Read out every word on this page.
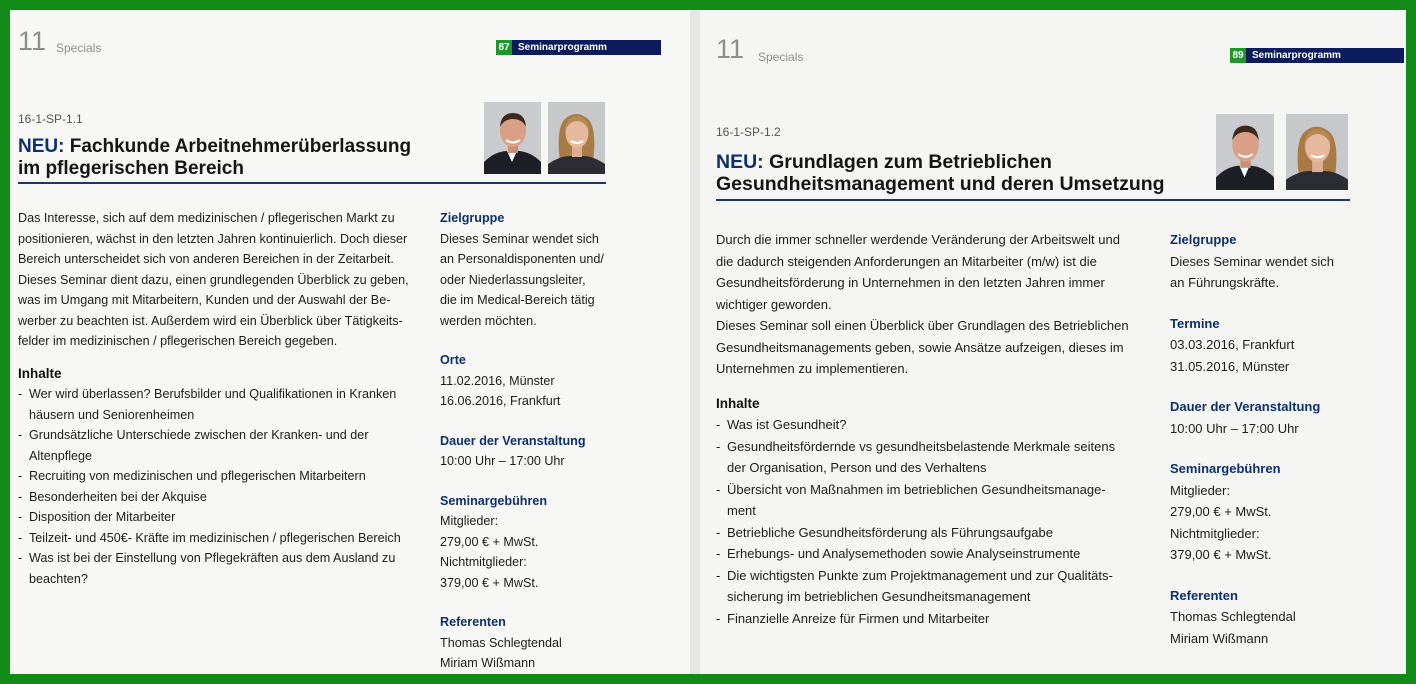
11 Specials	87 Seminarprogramm
16-1-SP-1.1
NEU: Fachkunde Arbeitnehmerüberlassung
im pflegerischen Bereich

Das Interesse, sich auf dem medizinischen / pflegerischen Markt zu
positionieren, wächst in den letzten Jahren kontinuierlich. Doch dieser
Bereich unterscheidet sich von anderen Bereichen in der Zeitarbeit.
Dieses Seminar dient dazu, einen grundlegenden Überblick zu geben,
was im Umgang mit Mitarbeitern, Kunden und der Auswahl der Be-
werber zu beachten ist. Außerdem wird ein Überblick über Tätigkeits-
felder im medizinischen / pflegerischen Bereich gegeben.

Inhalte

- Wer wird überlassen? Berufsbilder und Qualifikationen in Kranken
häusern und Seniorenheimen
- Grundsätzliche Unterschiede zwischen der Kranken- und der Altenpflege
- Recruiting von medizinischen und pflegerischen Mitarbeitern
- Besonderheiten bei der Akquise
- Disposition der Mitarbeiter
- Teilzeit- und 450€- Kräfte im medizinischen / pflegerischen Bereich
- Was ist bei der Einstellung von Pflegekräften aus dem Ausland zu
beachten?
Zielgruppe
Dieses Seminar wendet sich
an Personaldisponenten und/
oder Niederlassungsleiter,
die im Medical-Bereich tätig
werden möchten.
Orte
11.02.2016, Münster
16.06.2016, Frankfurt
Dauer der Veranstaltung
10:00 Uhr – 17:00 Uhr
Seminargebühren
Mitglieder:
279,00 € + MwSt.
Nichtmitglieder:
379,00 € + MwSt.
Referenten
Thomas Schlegtendal
Miriam Wißmann
11 Specials	89 Seminarprogramm
16-1-SP-1.2
NEU: Grundlagen zum Betrieblichen
Gesundheitsmanagement und deren Umsetzung

Durch die immer schneller werdende Veränderung der Arbeitswelt und
die dadurch steigenden Anforderungen an Mitarbeiter (m/w) ist die
Gesundheitsförderung in Unternehmen in den letzten Jahren immer
wichtiger geworden.
Dieses Seminar soll einen Überblick über Grundlagen des Betrieblichen
Gesundheitsmanagements geben, sowie Ansätze aufzeigen, dieses im
Unternehmen zu implementieren.

Inhalte

- Was ist Gesundheit?
- Gesundheitsfördernde vs gesundheitsbelastende Merkmale seitens
der Organisation, Person und des Verhaltens
- Übersicht von Maßnahmen im betrieblichen Gesundheitsmanage-
ment
- Betriebliche Gesundheitsförderung als Führungsaufgabe
- Erhebungs- und Analysemethoden sowie Analyseinstrumente
- Die wichtigsten Punkte zum Projektmanagement und zur Qualitäts-
sicherung im betrieblichen Gesundheitsmanagement
- Finanzielle Anreize für Firmen und Mitarbeiter
Zielgruppe
Dieses Seminar wendet sich
an Führungskräfte.
Termine
03.03.2016, Frankfurt
31.05.2016, Münster
Dauer der Veranstaltung
10:00 Uhr – 17:00 Uhr
Seminargebühren
Mitglieder:
279,00 € + MwSt.
Nichtmitglieder:
379,00 € + MwSt.
Referenten
Thomas Schlegtendal
Miriam Wißmann
